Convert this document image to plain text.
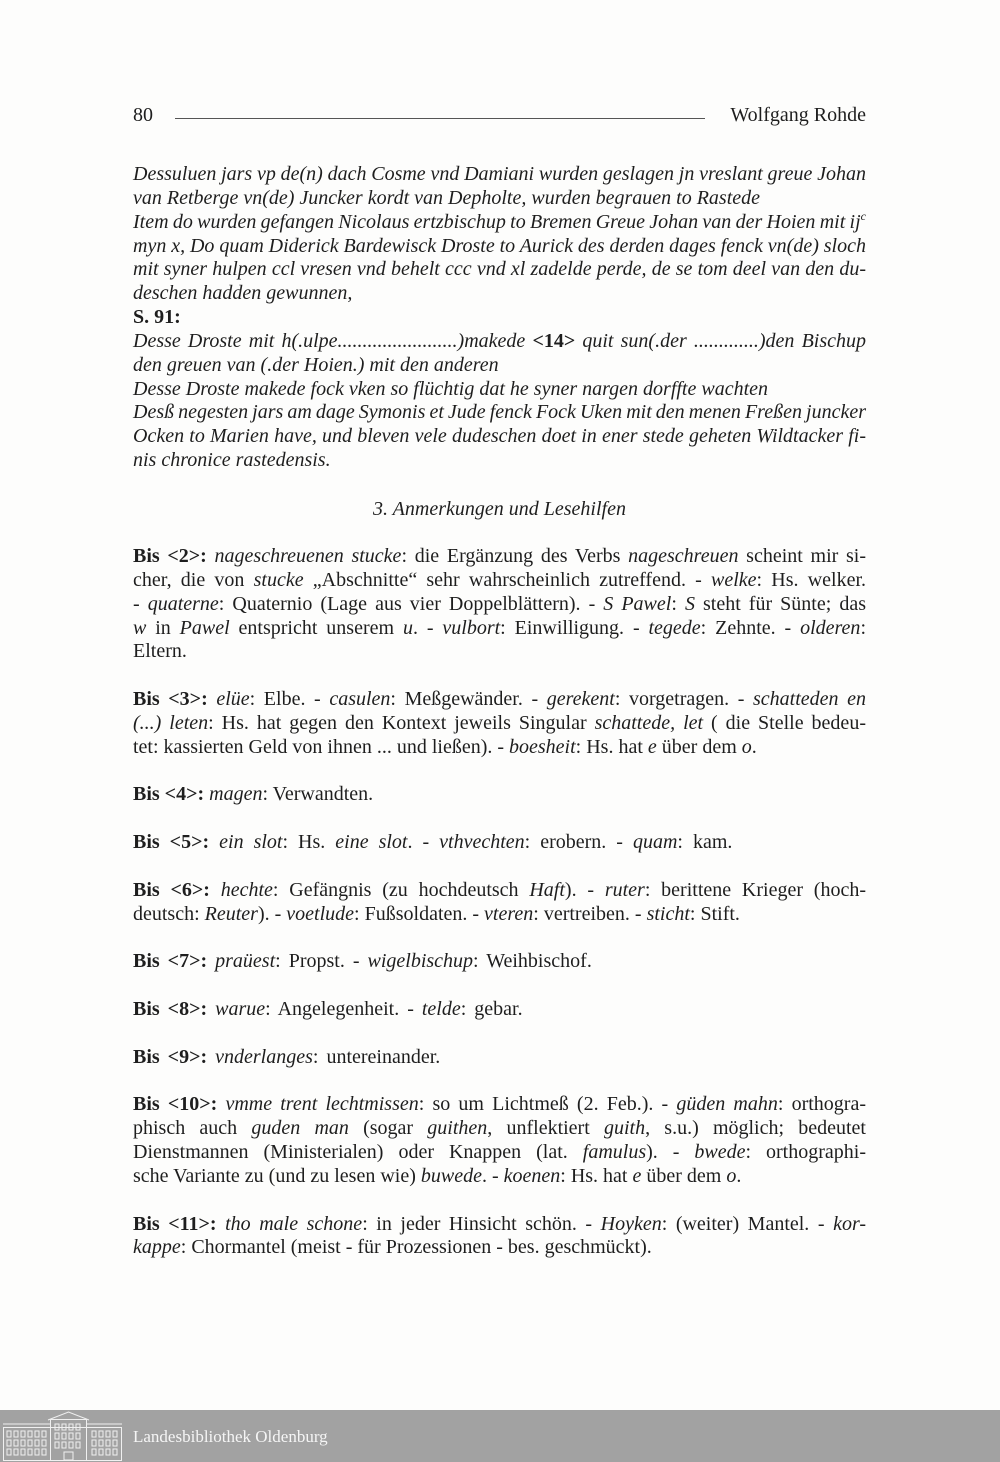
80	Wolfgang Rohde
Dessuluen jars vp de(n) dach Cosme vnd Damiani wurden geslagen jn vreslant greue Johan
van Retberge vn(de) Juncker kordt van Depholte, wurden begrauen to Rastede
Item do wurden gefangen Nicolaus ertzbischup to Bremen Greue Johan van der Hoien mit $ij^c$
myn x, Do quam Diderick Bardewisck Droste to Aurick des derden dages fenck vn(de) sloch
mit syner hulpen ccl vresen vnd behelt ccc vnd xl zadelde perde, de se tom deel van den du-
deschen hadden gewunnen,
S. 91:
Desse Droste mit h(.ulpe........................)makede <14> quit sun(.der .............)den Bischup
den greuen van (.der Hoien.) mit den anderen
Desse Droste makede fock vken so flüchtig dat he syner nargen dorffte wachten
Desß negesten jars am dage Symonis et Jude fenck Fock Uken mit den menen Freßen juncker
Ocken to Marien have, und bleven vele dudeschen doet in ener stede geheten Wildtacker fi-
nis chronice rastedensis.
3. Anmerkungen und Lesehilfen
Bis <2>: nageschreuenen stucke: die Ergänzung des Verbs nageschreuen scheint mir si-
cher, die von stucke „Abschnitte“ sehr wahrscheinlich zutreffend. - welke: Hs. welker.
- quaterne: Quaternio (Lage aus vier Doppelblättern). - S Pawel: S steht für Sünte; das
w in Pawel entspricht unserem u. - vulbort: Einwilligung. - tegede: Zehnte. - olderen:
Eltern.
Bis <3>: elüe: Elbe. - casulen: Meßgewänder. - gerekent: vorgetragen. - schatteden en
(...) leten: Hs. hat gegen den Kontext jeweils Singular schattede, let ( die Stelle bedeu-
tet: kassierten Geld von ihnen ... und ließen). - boesheit: Hs. hat e über dem o.
Bis <4>: magen: Verwandten.
Bis <5>: ein slot: Hs. eine slot. - vthvechten: erobern. - quam: kam.
Bis <6>: hechte: Gefängnis (zu hochdeutsch Haft). - ruter: berittene Krieger (hoch-
deutsch: Reuter). - voetlude: Fußsoldaten. - vteren: vertreiben. - sticht: Stift.
Bis <7>: praüest: Propst. - wigelbischup: Weihbischof.
Bis <8>: warue: Angelegenheit. - telde: gebar.
Bis <9>: vnderlanges: untereinander.
Bis <10>: vmme trent lechtmissen: so um Lichtmeß (2. Feb.). - güden mahn: orthogra-
phisch auch guden man (sogar guithen, unflektiert guith, s.u.) möglich; bedeutet
Dienstmannen (Ministerialen) oder Knappen (lat. famulus). - bwede: orthographi-
sche Variante zu (und zu lesen wie) buwede. - koenen: Hs. hat e über dem o.
Bis <11>: tho male schone: in jeder Hinsicht schön. - Hoyken: (weiter) Mantel. - kor-
kappe: Chormantel (meist - für Prozessionen - bes. geschmückt).
Landesbibliothek Oldenburg
